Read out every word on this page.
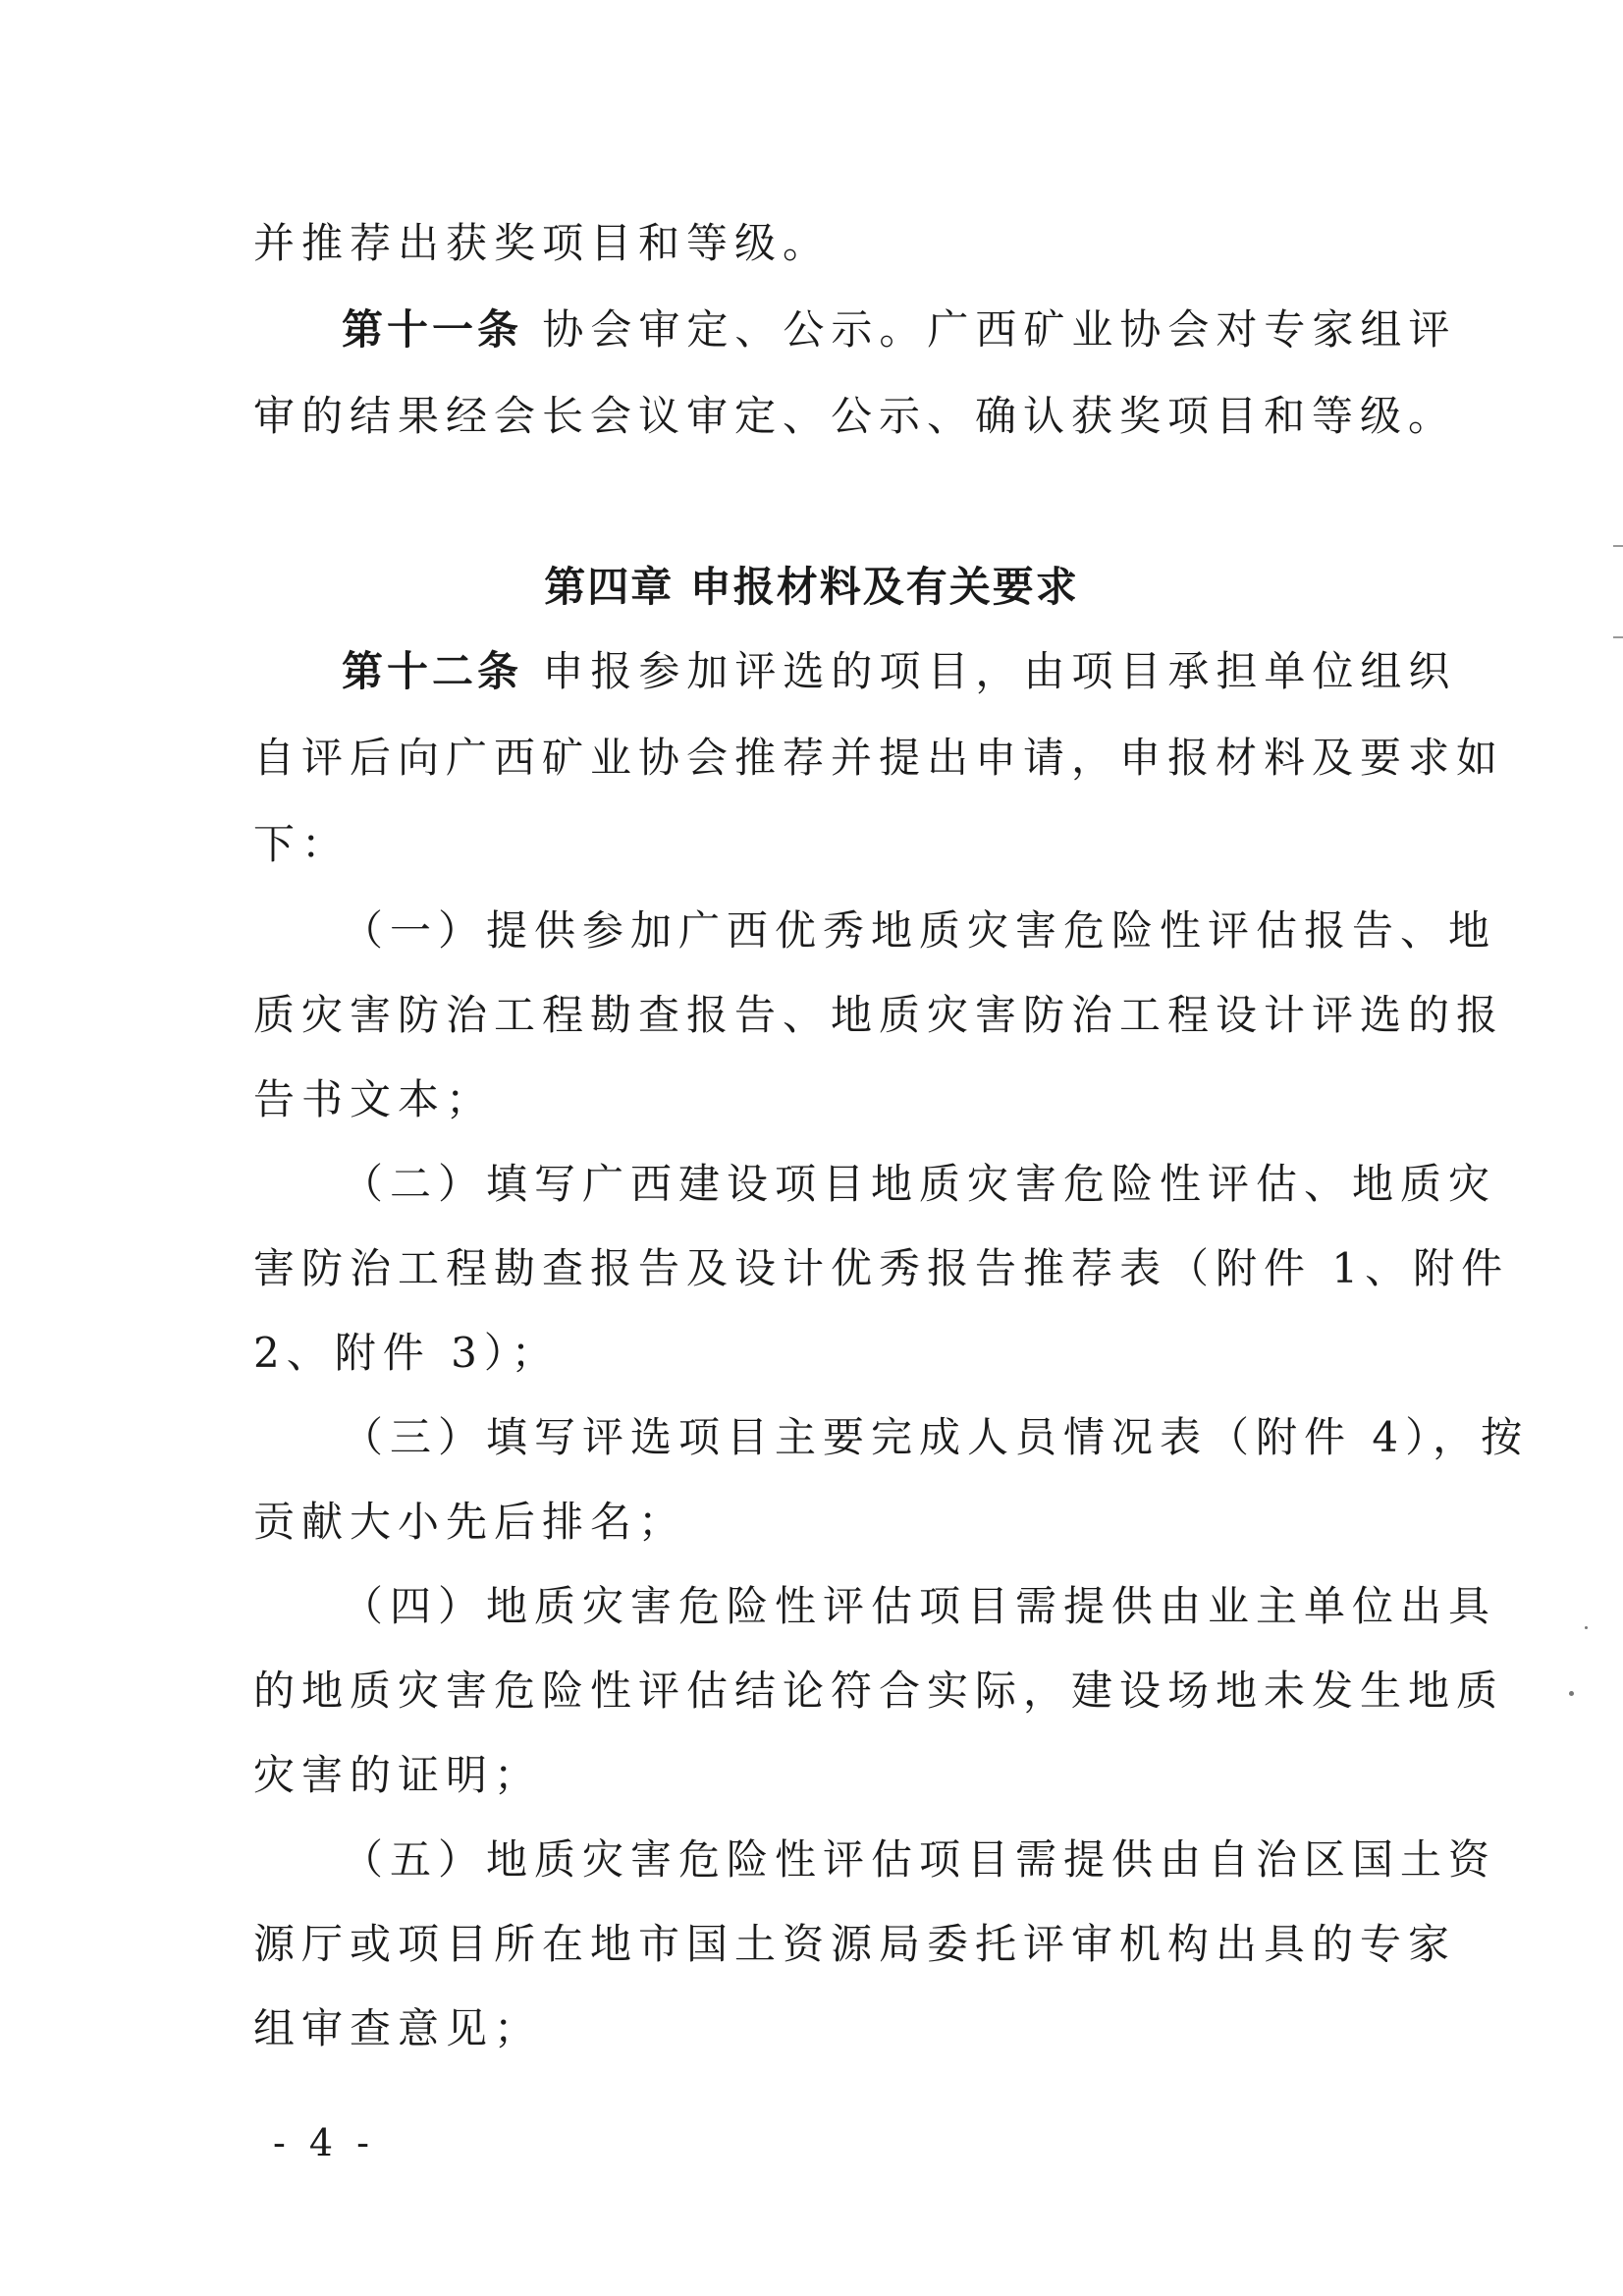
并推荐出获奖项目和等级。
第十一条 协会审定、公示。广西矿业协会对专家组评
审的结果经会长会议审定、公示、确认获奖项目和等级。
第四章 申报材料及有关要求
第十二条 申报参加评选的项目，由项目承担单位组织
自评后向广西矿业协会推荐并提出申请，申报材料及要求如
下：
（一）提供参加广西优秀地质灾害危险性评估报告、地
质灾害防治工程勘查报告、地质灾害防治工程设计评选的报
告书文本；
（二）填写广西建设项目地质灾害危险性评估、地质灾
害防治工程勘查报告及设计优秀报告推荐表（附件 1、附件
2、附件 3）；
（三）填写评选项目主要完成人员情况表（附件 4），按
贡献大小先后排名；
（四）地质灾害危险性评估项目需提供由业主单位出具
的地质灾害危险性评估结论符合实际，建设场地未发生地质
灾害的证明；
（五）地质灾害危险性评估项目需提供由自治区国土资
源厅或项目所在地市国土资源局委托评审机构出具的专家
组审查意见；
- 4 -
